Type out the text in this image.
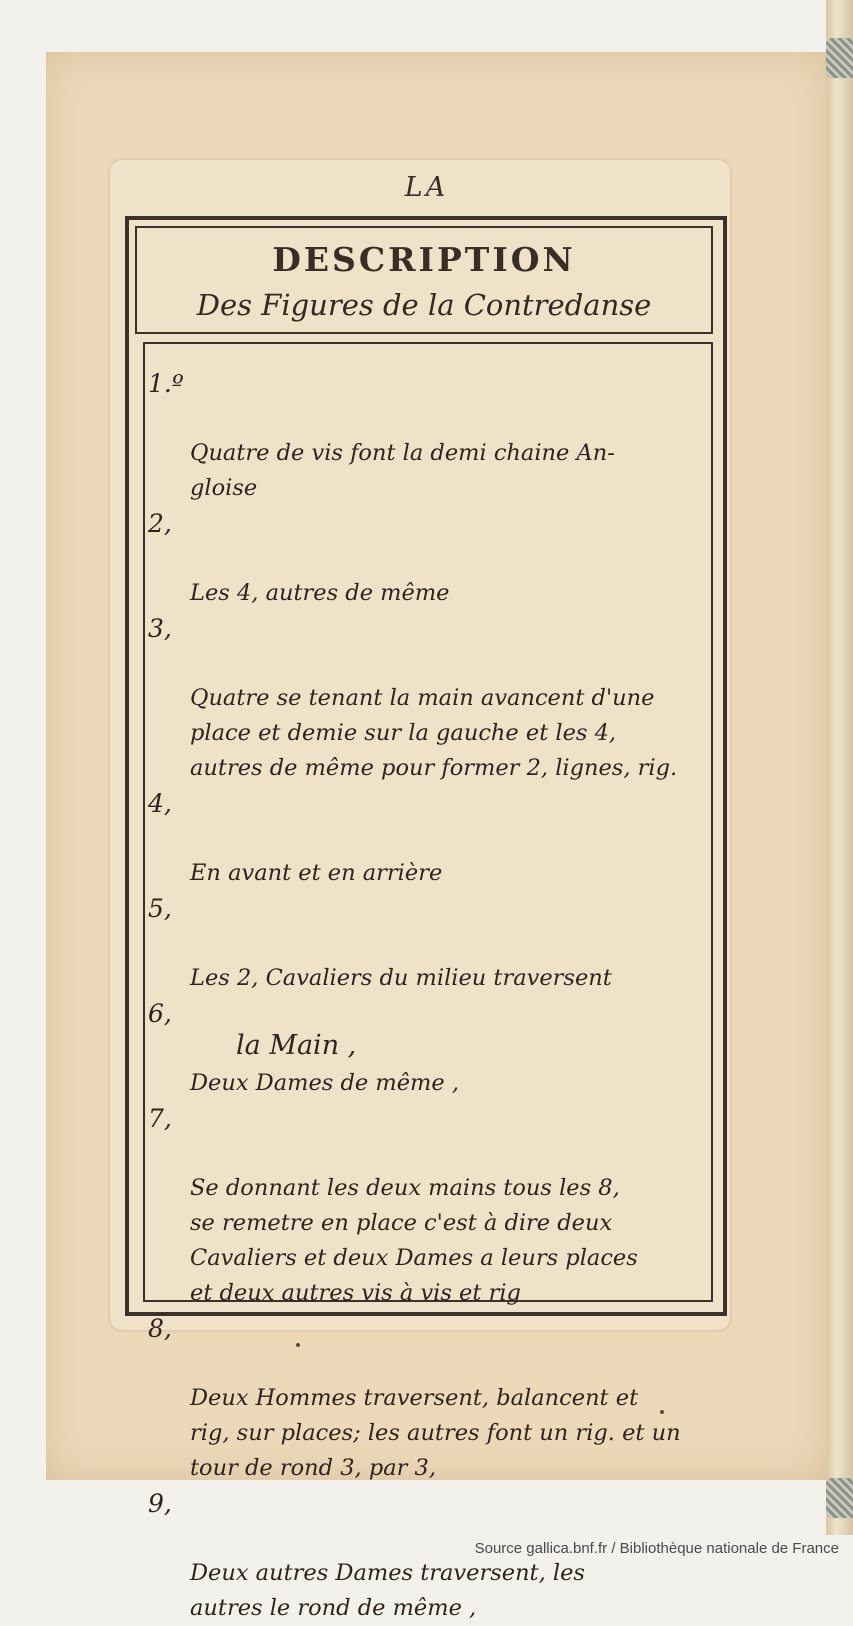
LA
DESCRIPTION
Des Figures de la Contredanse

1.º

Quatre de vis font la demi chaine An-
gloise

2,

Les 4, autres de même

3,

Quatre se tenant la main avancent d'une
place et demie sur la gauche et les 4,
autres de même pour former 2, lignes, rig.

4,

En avant et en arrière

5,

Les 2, Cavaliers du milieu traversent

6,

Deux Dames de même ,

7,

Se donnant les deux mains tous les 8,
se remetre en place c'est à dire deux
Cavaliers et deux Dames a leurs places
et deux autres vis à vis et rig

8,

Deux Hommes traversent, balancent et
rig, sur places; les autres font un rig. et un
tour de rond 3, par 3,

9,

Deux autres Dames traversent, les
autres le rond de même ,

la Main ,
Source gallica.bnf.fr / Bibliothèque nationale de France
